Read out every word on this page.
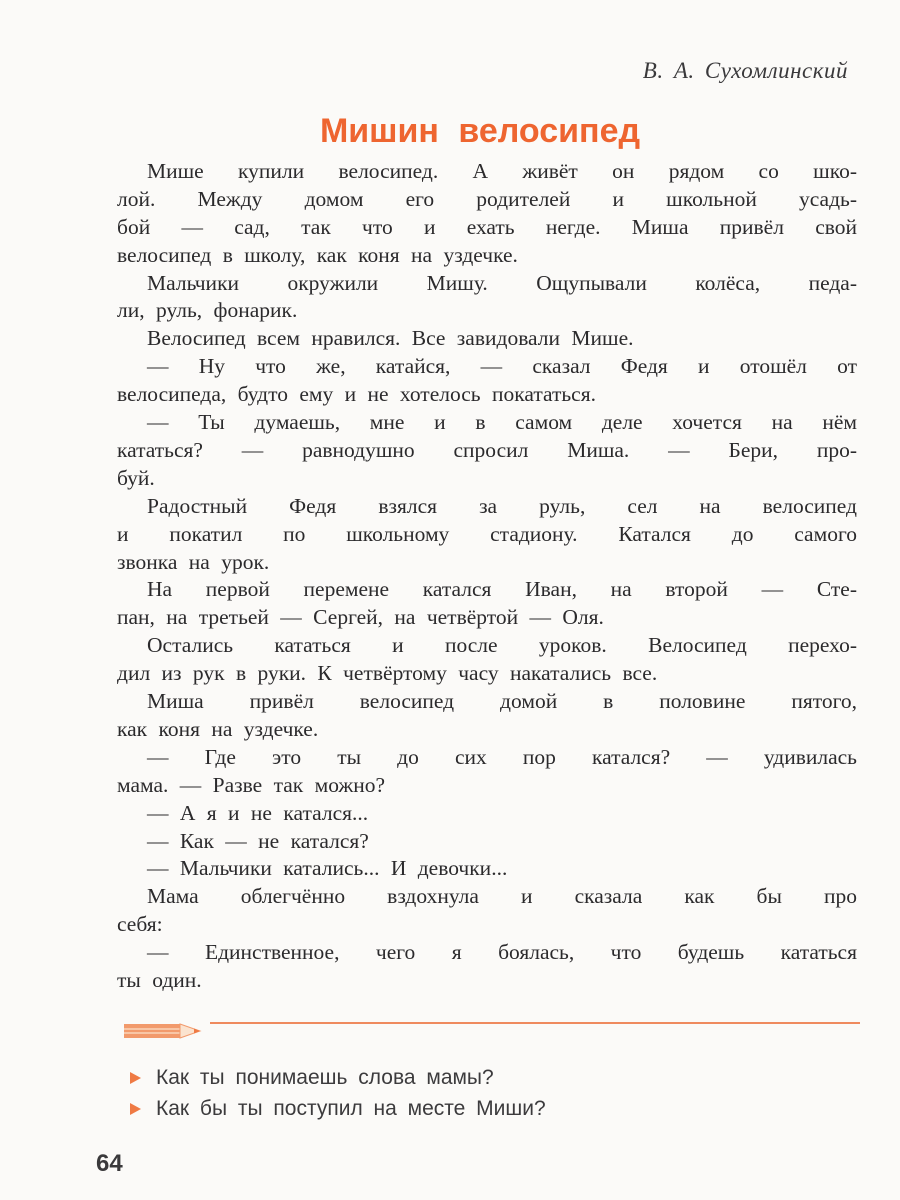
В. А. Сухомлинский
Мишин велосипед
Мише купили велосипед. А живёт он рядом со шко-
лой. Между домом его родителей и школьной усадь-
бой — сад, так что и ехать негде. Миша привёл свой
велосипед в школу, как коня на уздечке.
Мальчики окружили Мишу. Ощупывали колёса, педа-
ли, руль, фонарик.
Велосипед всем нравился. Все завидовали Мише.
— Ну что же, катайся, — сказал Федя и отошёл от
велосипеда, будто ему и не хотелось покататься.
— Ты думаешь, мне и в самом деле хочется на нём
кататься? — равнодушно спросил Миша. — Бери, про-
буй.
Радостный Федя взялся за руль, сел на велосипед
и покатил по школьному стадиону. Катался до самого
звонка на урок.
На первой перемене катался Иван, на второй — Сте-
пан, на третьей — Сергей, на четвёртой — Оля.
Остались кататься и после уроков. Велосипед перехо-
дил из рук в руки. К четвёртому часу накатались все.
Миша привёл велосипед домой в половине пятого,
как коня на уздечке.
— Где это ты до сих пор катался? — удивилась
мама. — Разве так можно?
— А я и не катался...
— Как — не катался?
— Мальчики катались... И девочки...
Мама облегчённо вздохнула и сказала как бы про
себя:
— Единственное, чего я боялась, что будешь кататься
ты один.
Как ты понимаешь слова мамы?
Как бы ты поступил на месте Миши?
64
